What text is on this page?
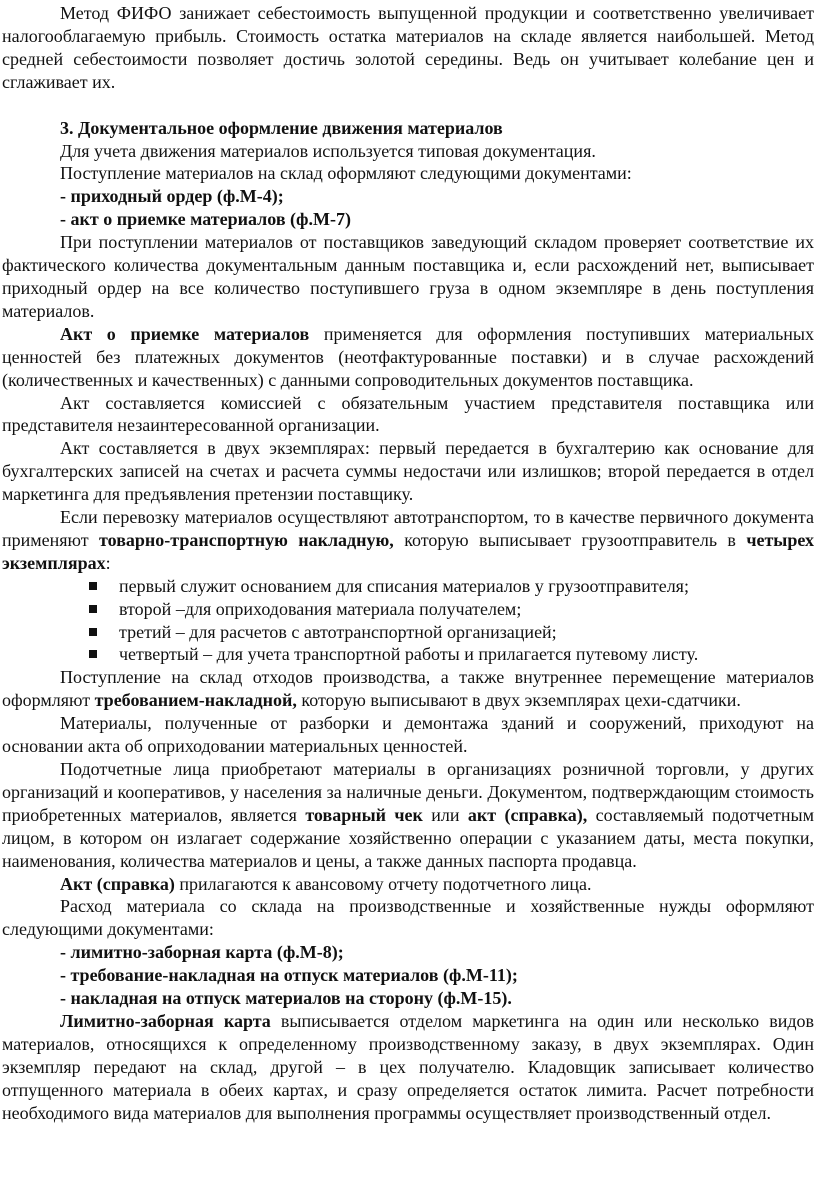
Метод ФИФО занижает себестоимость выпущенной продукции и соответственно увеличивает налогооблагаемую прибыль. Стоимость остатка материалов на складе является наибольшей. Метод средней себестоимости позволяет достичь золотой середины. Ведь он учитывает колебание цен и сглаживает их.

3. Документальное оформление движения материалов

Для учета движения материалов используется типовая документация.

Поступление материалов на склад оформляют следующими документами:

- приходный ордер (ф.М-4);

- акт о приемке материалов (ф.М-7)

При поступлении материалов от поставщиков заведующий складом проверяет соответствие их фактического количества документальным данным поставщика и, если расхождений нет, выписывает приходный ордер на все количество поступившего груза в одном экземпляре в день поступления материалов.

Акт о приемке материалов применяется для оформления поступивших материальных ценностей без платежных документов (неотфактурованные поставки) и в случае расхождений (количественных и качественных) с данными сопроводительных документов поставщика.

Акт составляется комиссией с обязательным участием представителя поставщика или представителя незаинтересованной организации.

Акт составляется в двух экземплярах: первый передается в бухгалтерию как основание для бухгалтерских записей на счетах и расчета суммы недостачи или излишков; второй передается в отдел маркетинга для предъявления претензии поставщику.

Если перевозку материалов осуществляют автотранспортом, то в качестве первичного документа применяют товарно-транспортную накладную, которую выписывает грузоотправитель в четырех экземплярах:

первый служит основанием для списания материалов у грузоотправителя;
второй –для оприходования материала получателем;
третий – для расчетов с автотранспортной организацией;
четвертый – для учета транспортной работы и прилагается путевому листу.

Поступление на склад отходов производства, а также внутреннее перемещение материалов оформляют требованием-накладной, которую выписывают в двух экземплярах цехи-сдатчики.

Материалы, полученные от разборки и демонтажа зданий и сооружений, приходуют на основании акта об оприходовании материальных ценностей.

Подотчетные лица приобретают материалы в организациях розничной торговли, у других организаций и кооперативов, у населения за наличные деньги. Документом, подтверждающим стоимость приобретенных материалов, является товарный чек или акт (справка), составляемый подотчетным лицом, в котором он излагает содержание хозяйственно операции с указанием даты, места покупки, наименования, количества материалов и цены, а также данных паспорта продавца.

Акт (справка) прилагаются к авансовому отчету подотчетного лица.

Расход материала со склада на производственные и хозяйственные нужды оформляют следующими документами:

- лимитно-заборная карта (ф.М-8);

- требование-накладная на отпуск материалов (ф.М-11);

- накладная на отпуск материалов на сторону (ф.М-15).

Лимитно-заборная карта выписывается отделом маркетинга на один или несколько видов материалов, относящихся к определенному производственному заказу, в двух экземплярах. Один экземпляр передают на склад, другой – в цех получателю. Кладовщик записывает количество отпущенного материала в обеих картах, и сразу определяется остаток лимита. Расчет потребности необходимого вида материалов для выполнения программы осуществляет производственный отдел.
